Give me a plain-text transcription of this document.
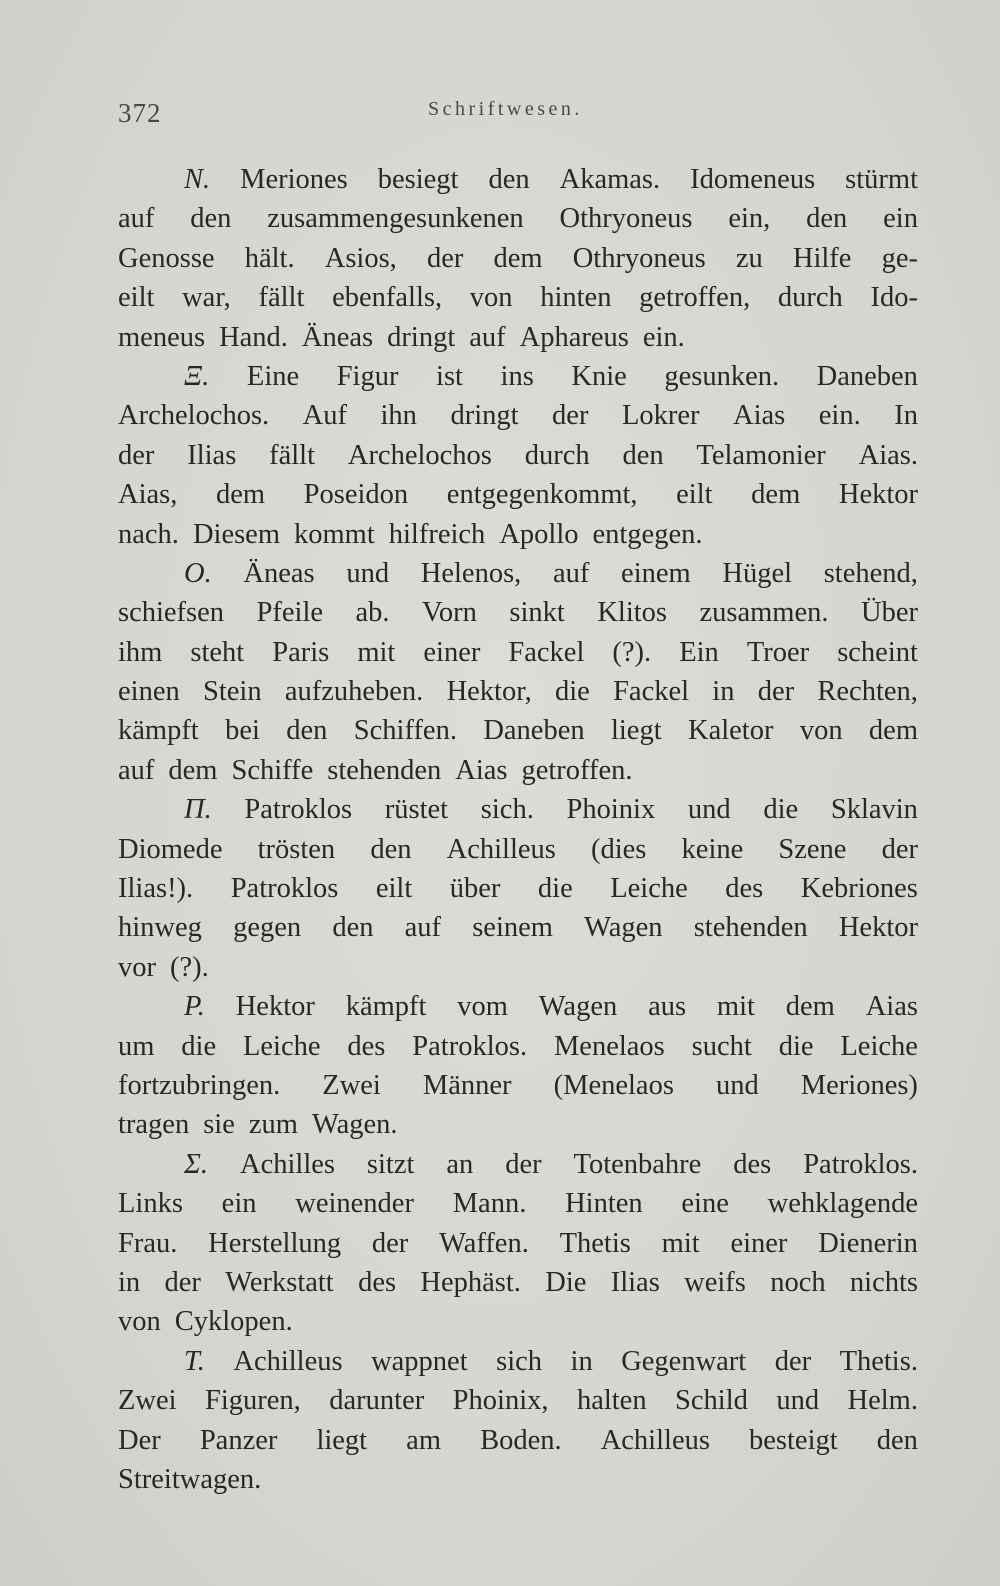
372	Schriftwesen.
N. Meriones besiegt den Akamas. Idomeneus stürmt
auf den zusammengesunkenen Othryoneus ein, den ein
Genosse hält. Asios, der dem Othryoneus zu Hilfe ge-
eilt war, fällt ebenfalls, von hinten getroffen, durch Ido-
meneus Hand. Äneas dringt auf Aphareus ein.
Ξ. Eine Figur ist ins Knie gesunken. Daneben
Archelochos. Auf ihn dringt der Lokrer Aias ein. In
der Ilias fällt Archelochos durch den Telamonier Aias.
Aias, dem Poseidon entgegenkommt, eilt dem Hektor
nach. Diesem kommt hilfreich Apollo entgegen.
O. Äneas und Helenos, auf einem Hügel stehend,
schiefsen Pfeile ab. Vorn sinkt Klitos zusammen. Über
ihm steht Paris mit einer Fackel (?). Ein Troer scheint
einen Stein aufzuheben. Hektor, die Fackel in der Rechten,
kämpft bei den Schiffen. Daneben liegt Kaletor von dem
auf dem Schiffe stehenden Aias getroffen.
Π. Patroklos rüstet sich. Phoinix und die Sklavin
Diomede trösten den Achilleus (dies keine Szene der
Ilias!). Patroklos eilt über die Leiche des Kebriones
hinweg gegen den auf seinem Wagen stehenden Hektor
vor (?).
P. Hektor kämpft vom Wagen aus mit dem Aias
um die Leiche des Patroklos. Menelaos sucht die Leiche
fortzubringen. Zwei Männer (Menelaos und Meriones)
tragen sie zum Wagen.
Σ. Achilles sitzt an der Totenbahre des Patroklos.
Links ein weinender Mann. Hinten eine wehklagende
Frau. Herstellung der Waffen. Thetis mit einer Dienerin
in der Werkstatt des Hephäst. Die Ilias weifs noch nichts
von Cyklopen.
T. Achilleus wappnet sich in Gegenwart der Thetis.
Zwei Figuren, darunter Phoinix, halten Schild und Helm.
Der Panzer liegt am Boden. Achilleus besteigt den
Streitwagen.
